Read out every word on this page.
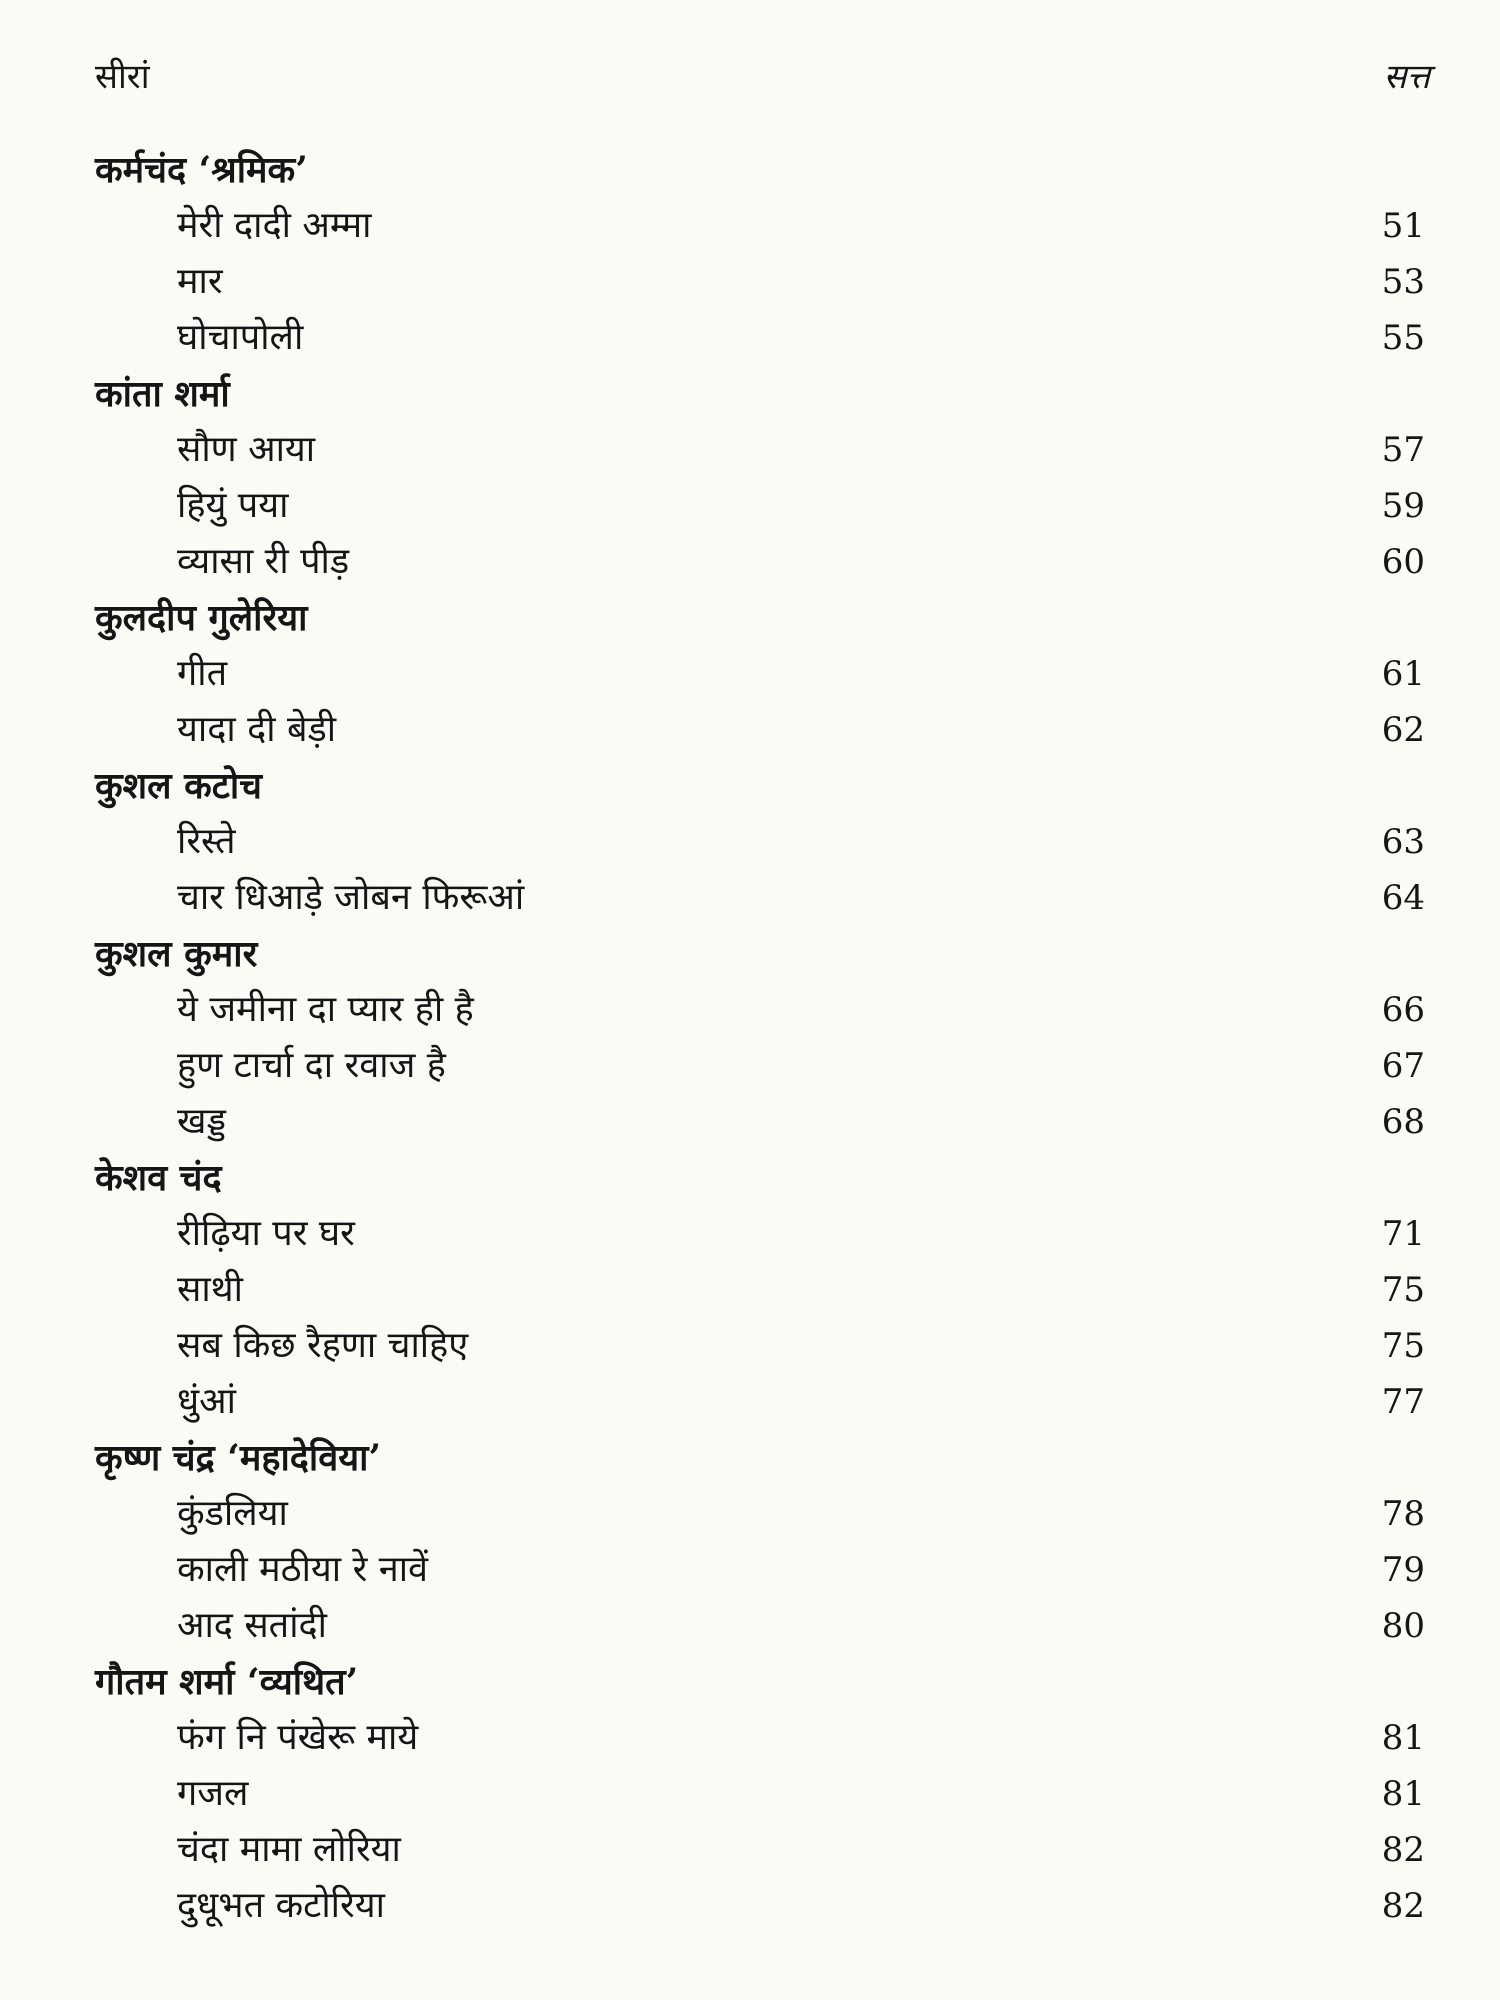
सीरां	सत्त
कर्मचंद ‘श्रमिक’
मेरी दादी अम्मा	51
मार	53
घोचापोली	55
कांता शर्मा
सौण आया	57
हियुं पया	59
व्यासा री पीड़	60
कुलदीप गुलेरिया
गीत	61
यादा दी बेड़ी	62
कुशल कटोच
रिस्ते	63
चार धिआड़े जोबन फिरूआं	64
कुशल कुमार
ये जमीना दा प्यार ही है	66
हुण टार्चा दा रवाज है	67
खड्ड	68
केशव चंद
रीढ़िया पर घर	71
साथी	75
सब किछ रैहणा चाहिए	75
धुंआं	77
कृष्ण चंद्र ‘महादेविया’
कुंडलिया	78
काली मठीया रे नावें	79
आद सतांदी	80
गौतम शर्मा ‘व्यथित’
फंग नि पंखेरू माये	81
गजल	81
चंदा मामा लोरिया	82
दुधूभत कटोरिया	82
